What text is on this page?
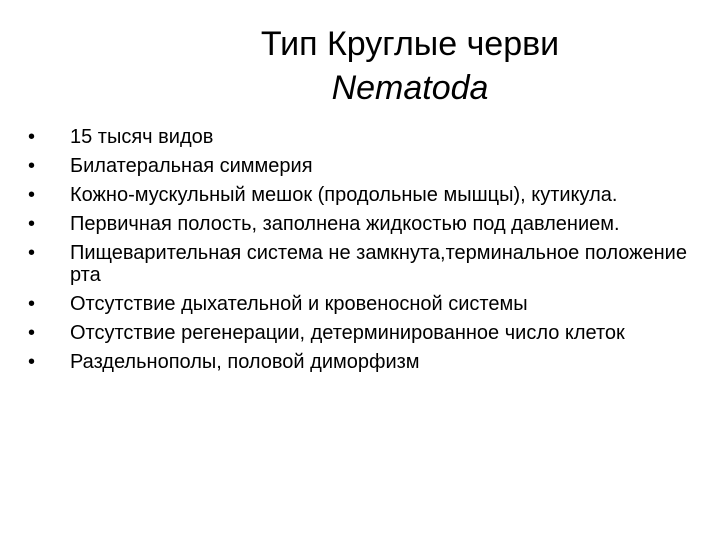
Тип Круглые черви
Nematoda
• 15 тысяч видов
• Билатеральная симмерия
• Кожно-мускульный мешок (продольные мышцы), кутикула.
• Первичная полость, заполнена жидкостью под давлением.
• Пищеварительная система не замкнута,терминальное положение рта
• Отсутствие дыхательной и кровеносной системы
• Отсутствие регенерации, детерминированное число клеток
• Раздельнополы, половой диморфизм
